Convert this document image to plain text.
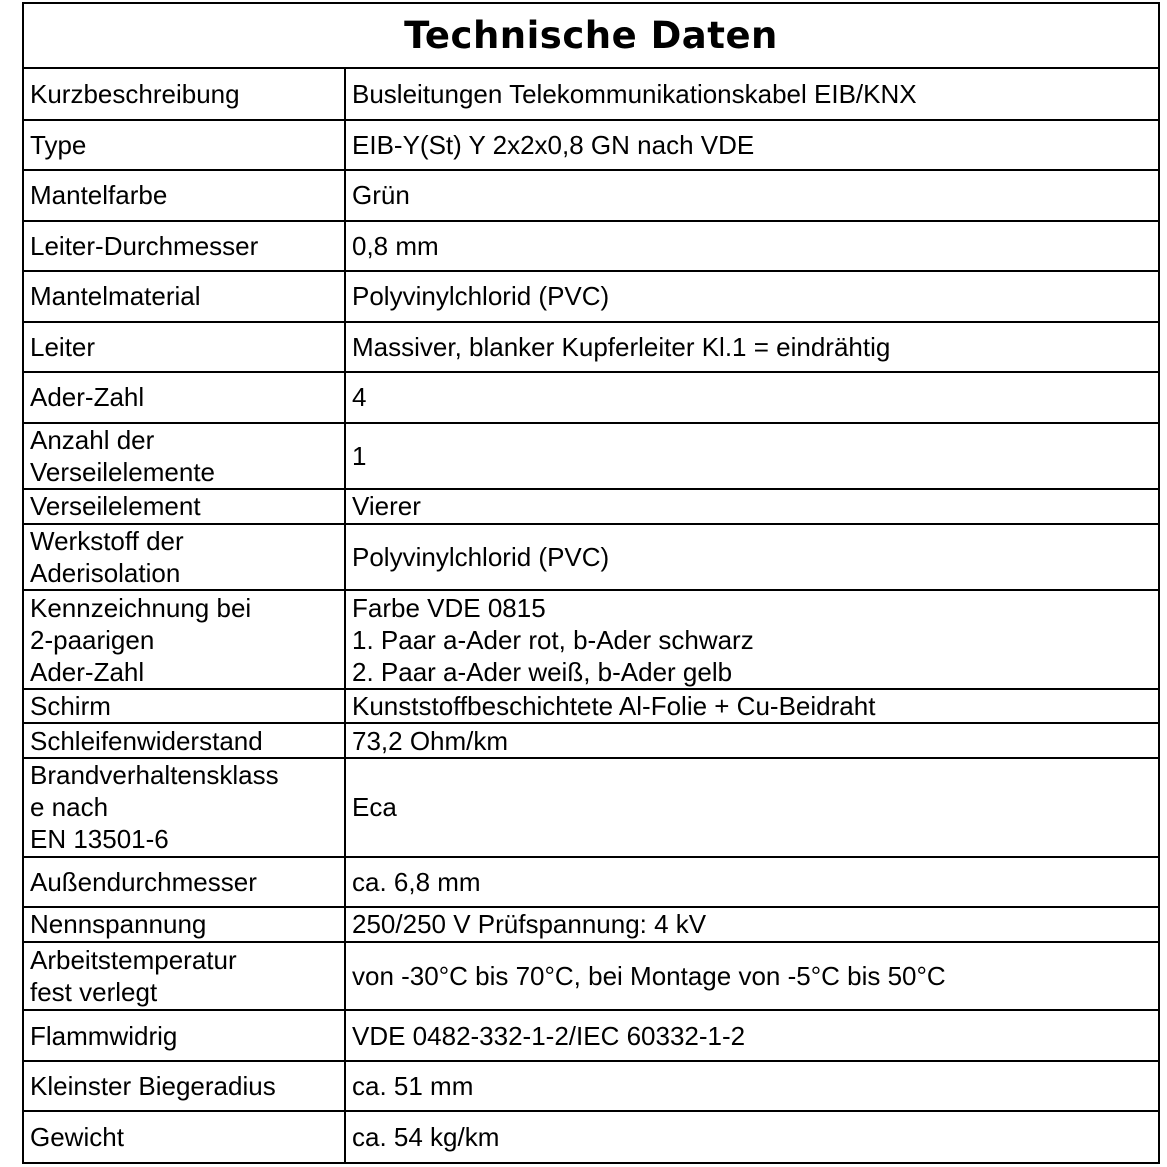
Technische Daten
Kurzbeschreibung	Busleitungen Telekommunikationskabel EIB/KNX
Type	EIB-Y(St) Y 2x2x0,8 GN nach VDE
Mantelfarbe	Grün
Leiter-Durchmesser	0,8 mm
Mantelmaterial	Polyvinylchlorid (PVC)
Leiter	Massiver, blanker Kupferleiter Kl.1 = eindrähtig
Ader-Zahl	4
Anzahl der
Verseilelemente	1
Verseilelement	Vierer
Werkstoff der
Aderisolation	Polyvinylchlorid (PVC)
Kennzeichnung bei
2-paarigen
Ader-Zahl	Farbe VDE 0815
1. Paar a-Ader rot, b-Ader schwarz
2. Paar a-Ader weiß, b-Ader gelb
Schirm	Kunststoffbeschichtete Al-Folie + Cu-Beidraht
Schleifenwiderstand	73,2 Ohm/km
Brandverhaltensklass
e nach
EN 13501-6	Eca
Außendurchmesser	ca. 6,8 mm
Nennspannung	250/250 V Prüfspannung: 4 kV
Arbeitstemperatur
fest verlegt	von -30°C bis 70°C, bei Montage von -5°C bis 50°C
Flammwidrig	VDE 0482-332-1-2/IEC 60332-1-2
Kleinster Biegeradius	ca. 51 mm
Gewicht	ca. 54 kg/km
